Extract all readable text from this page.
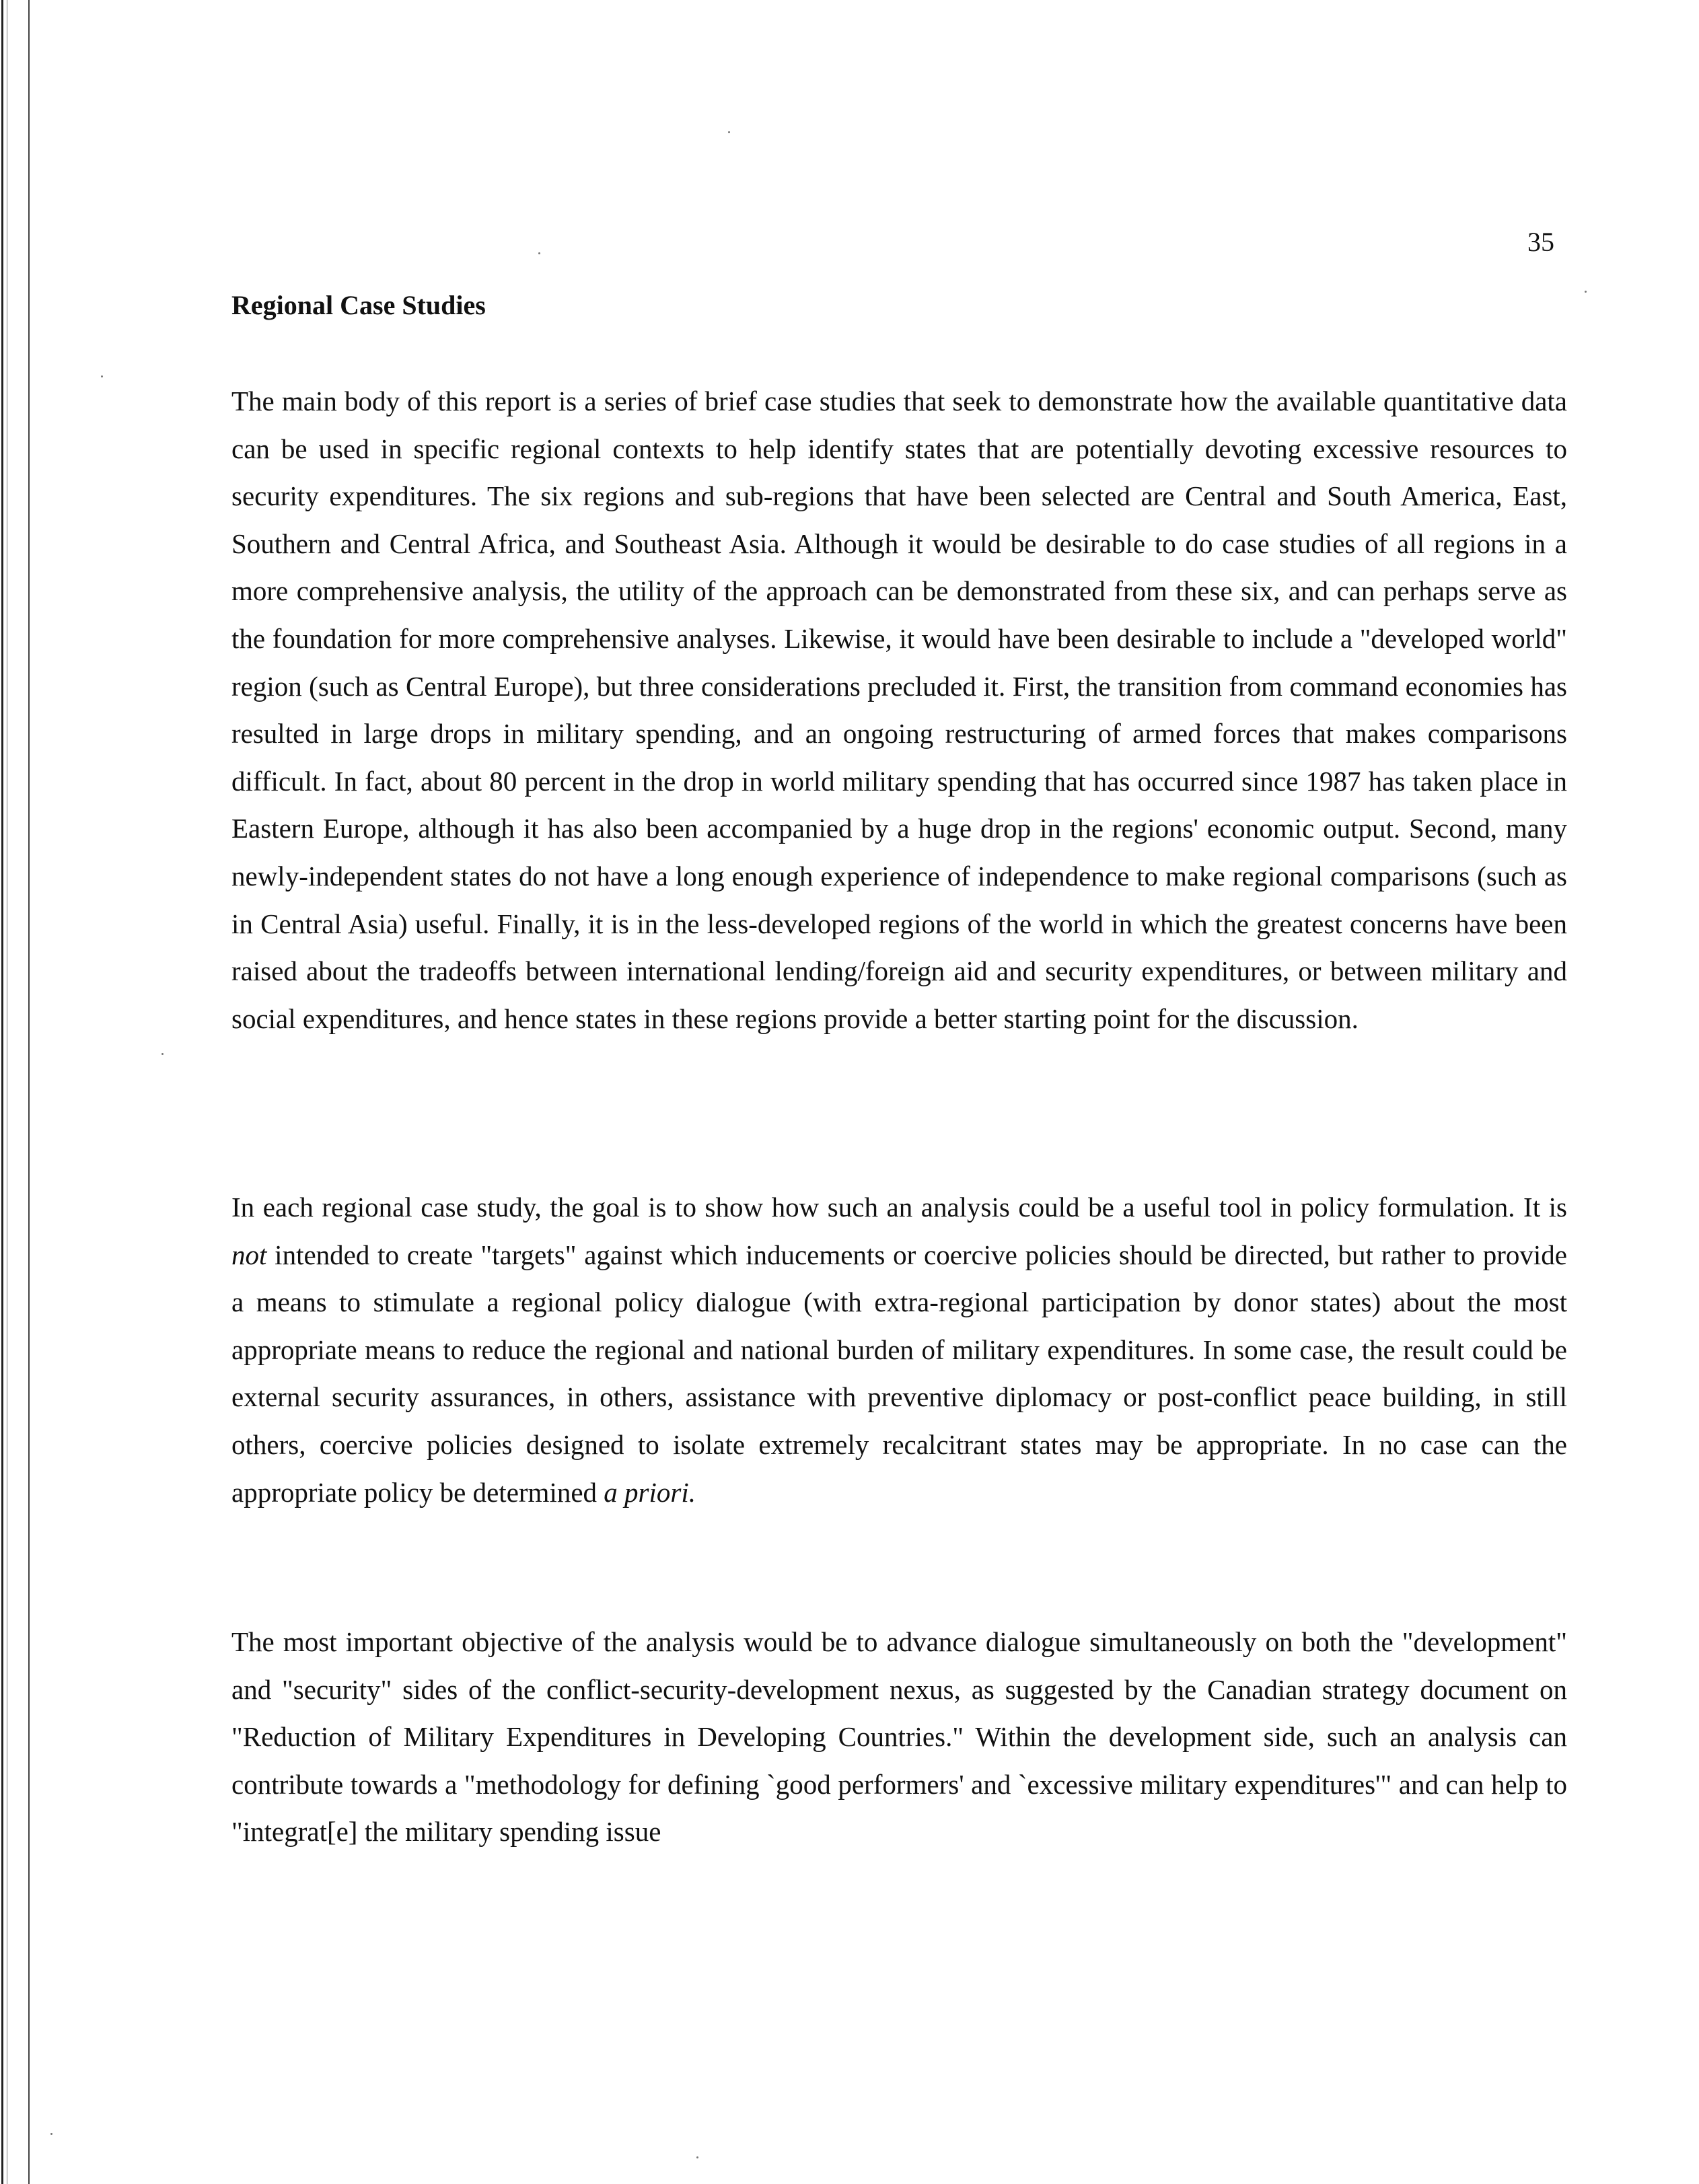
35
Regional Case Studies

The main body of this report is a series of brief case studies that seek to demonstrate how the available quantitative data can be used in specific regional contexts to help identify states that are potentially devoting excessive resources to security expenditures. The six regions and sub-regions that have been selected are Central and South America, East, Southern and Central Africa, and Southeast Asia. Although it would be desirable to do case studies of all regions in a more comprehensive analysis, the utility of the approach can be demonstrated from these six, and can perhaps serve as the foundation for more comprehensive analyses. Likewise, it would have been desirable to include a "developed world" region (such as Central Europe), but three considerations precluded it. First, the transition from command economies has resulted in large drops in military spending, and an ongoing restructuring of armed forces that makes comparisons difficult. In fact, about 80 percent in the drop in world military spending that has occurred since 1987 has taken place in Eastern Europe, although it has also been accompanied by a huge drop in the regions' economic output. Second, many newly-independent states do not have a long enough experience of independence to make regional comparisons (such as in Central Asia) useful. Finally, it is in the less-developed regions of the world in which the greatest concerns have been raised about the tradeoffs between international lending/foreign aid and security expenditures, or between military and social expenditures, and hence states in these regions provide a better starting point for the discussion.

In each regional case study, the goal is to show how such an analysis could be a useful tool in policy formulation. It is not intended to create "targets" against which inducements or coercive policies should be directed, but rather to provide a means to stimulate a regional policy dialogue (with extra-regional participation by donor states) about the most appropriate means to reduce the regional and national burden of military expenditures. In some case, the result could be external security assurances, in others, assistance with preventive diplomacy or post-conflict peace building, in still others, coercive policies designed to isolate extremely recalcitrant states may be appropriate. In no case can the appropriate policy be determined a priori.

The most important objective of the analysis would be to advance dialogue simultaneously on both the "development" and "security" sides of the conflict-security-development nexus, as suggested by the Canadian strategy document on "Reduction of Military Expenditures in Developing Countries." Within the development side, such an analysis can contribute towards a "methodology for defining `good performers' and `excessive military expenditures'" and can help to "integrat[e] the military spending issue
